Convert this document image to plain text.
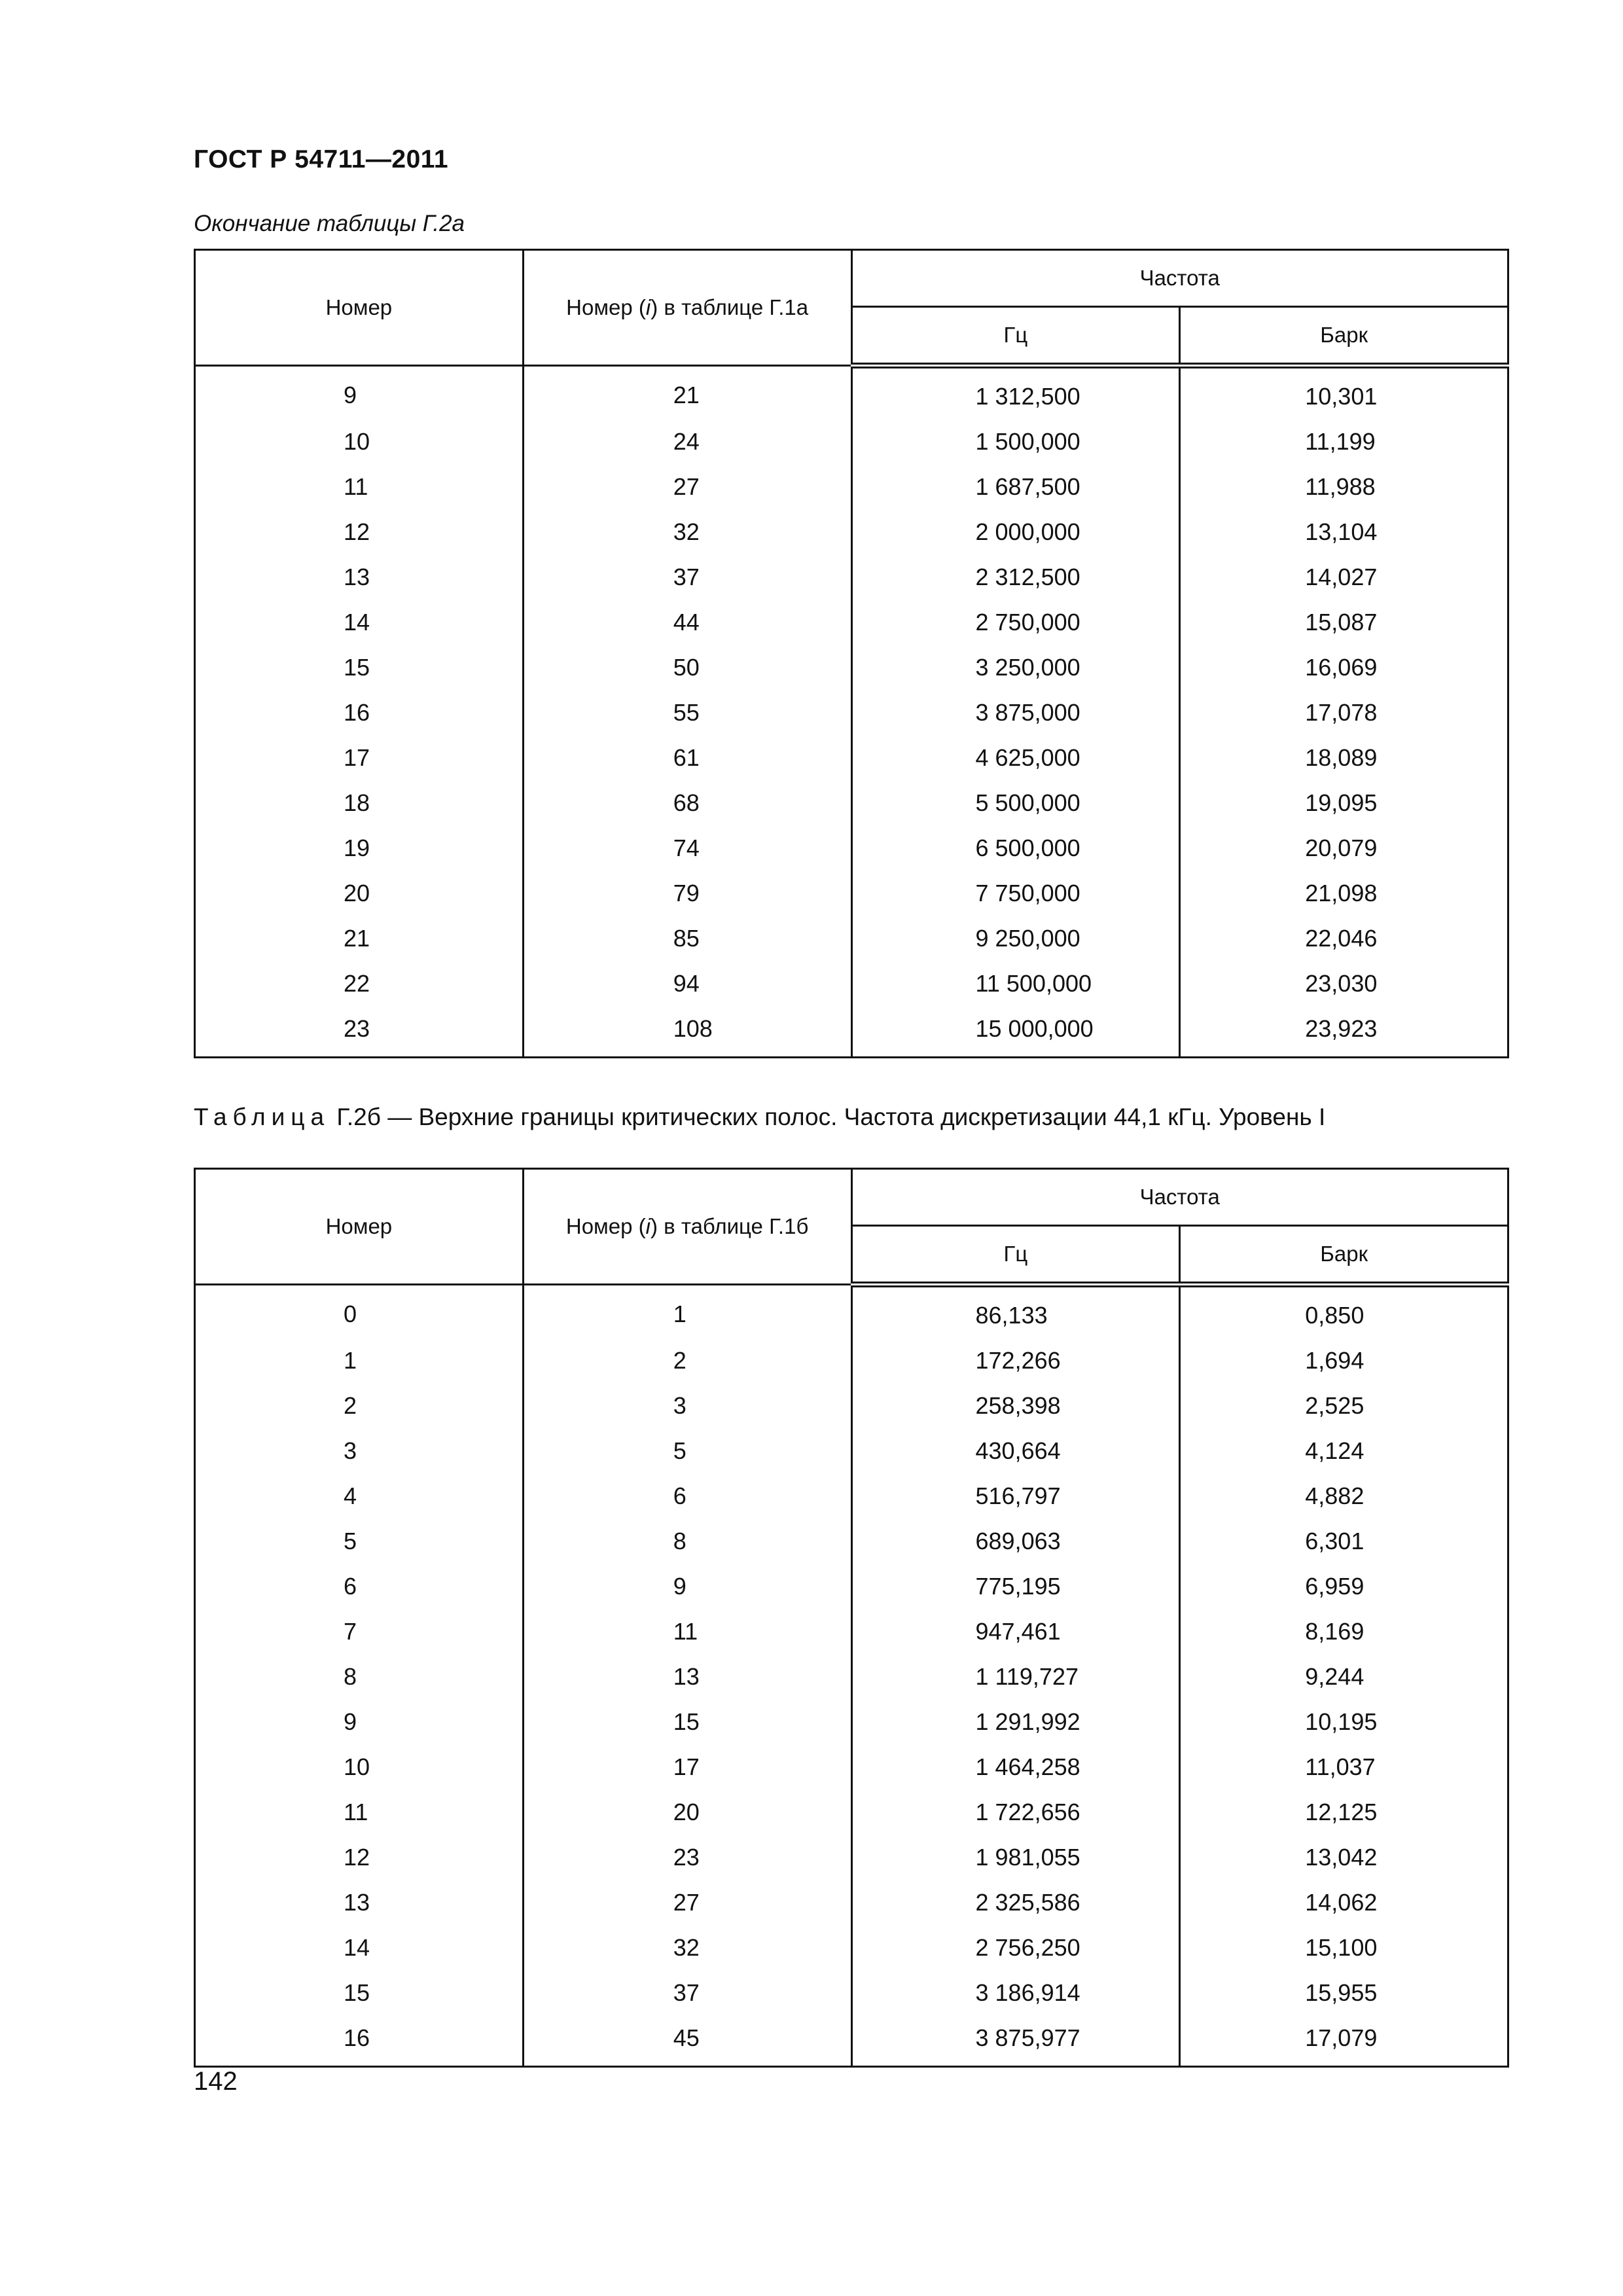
ГОСТ Р 54711—2011
Окончание таблицы Г.2а
Номер	Номер (i) в таблице Г.1а	Частота	
		Гц	Барк
9	21	1 312,500	10,301
10	24	1 500,000	11,199
11	27	1 687,500	11,988
12	32	2 000,000	13,104
13	37	2 312,500	14,027
14	44	2 750,000	15,087
15	50	3 250,000	16,069
16	55	3 875,000	17,078
17	61	4 625,000	18,089
18	68	5 500,000	19,095
19	74	6 500,000	20,079
20	79	7 750,000	21,098
21	85	9 250,000	22,046
22	94	11 500,000	23,030
23	108	15 000,000	23,923
Таблица Г.2б — Верхние границы критических полос. Частота дискретизации 44,1 кГц. Уровень I
Номер	Номер (i) в таблице Г.1б	Частота	
		Гц	Барк
0	1	86,133	0,850
1	2	172,266	1,694
2	3	258,398	2,525
3	5	430,664	4,124
4	6	516,797	4,882
5	8	689,063	6,301
6	9	775,195	6,959
7	11	947,461	8,169
8	13	1 119,727	9,244
9	15	1 291,992	10,195
10	17	1 464,258	11,037
11	20	1 722,656	12,125
12	23	1 981,055	13,042
13	27	2 325,586	14,062
14	32	2 756,250	15,100
15	37	3 186,914	15,955
16	45	3 875,977	17,079
142
